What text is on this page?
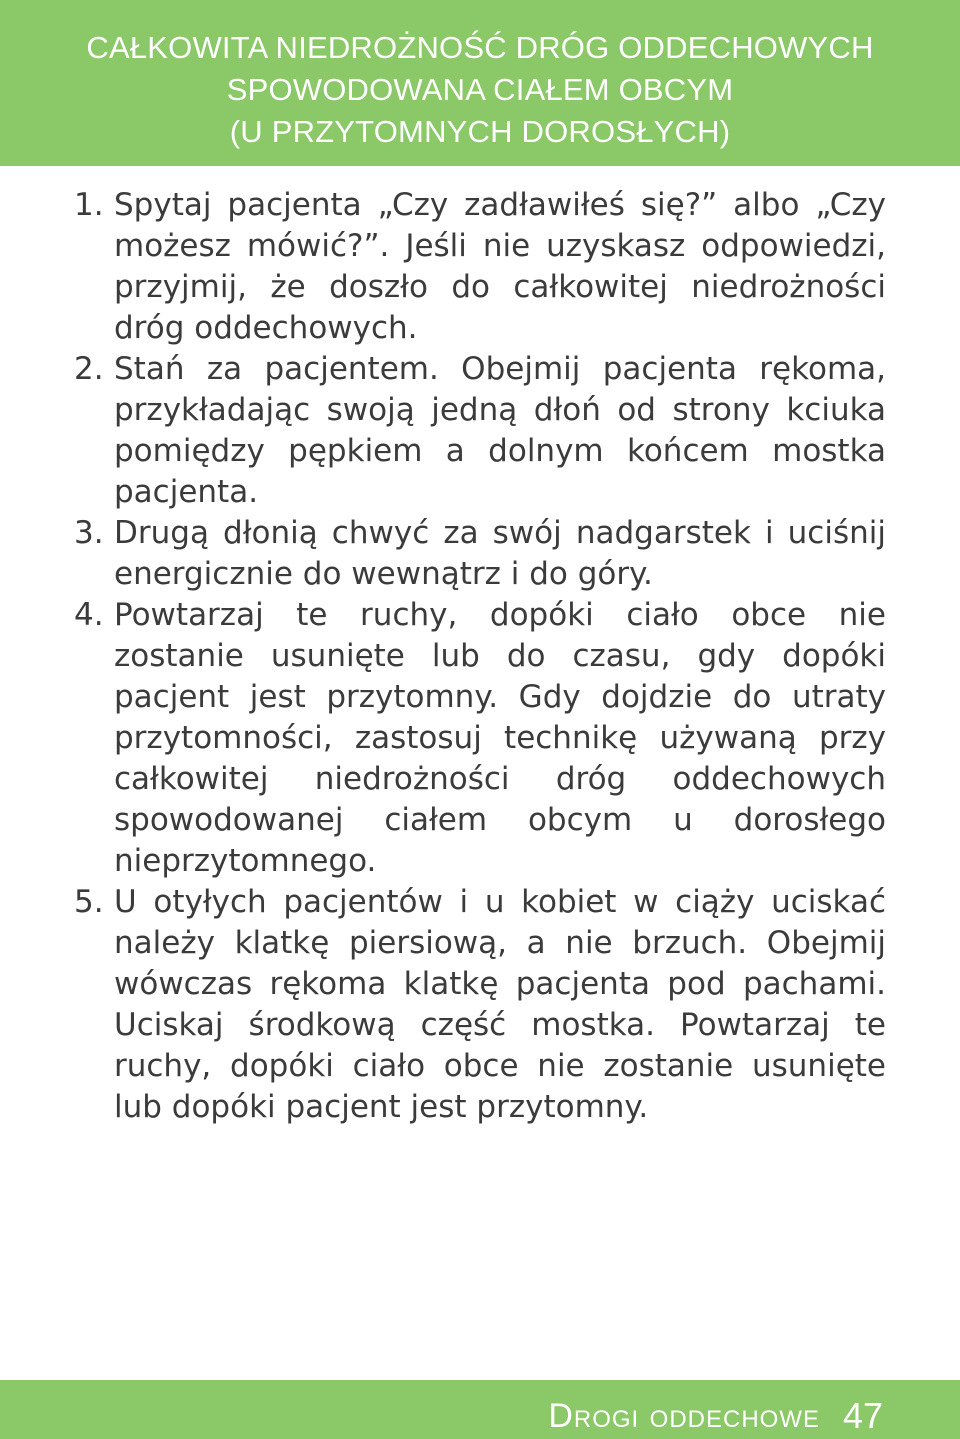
CAŁKOWITA NIEDROŻNOŚĆ DRÓG ODDECHOWYCH
SPOWODOWANA CIAŁEM OBCYM
(U PRZYTOMNYCH DOROSŁYCH)
1. Spytaj pacjenta „Czy zadławiłeś się?” albo „Czy możesz mówić?”. Jeśli nie uzyskasz odpowiedzi, przyjmij, że doszło do całkowitej niedrożności dróg oddechowych.
2. Stań za pacjentem. Obejmij pacjenta rękoma, przykładając swoją jedną dłoń od strony kciuka pomiędzy pępkiem a dolnym końcem mostka pacjenta.
3. Drugą dłonią chwyć za swój nadgarstek i uciśnij energicznie do wewnątrz i do góry.
4. Powtarzaj te ruchy, dopóki ciało obce nie zostanie usunięte lub do czasu, gdy dopóki pacjent jest przytomny. Gdy dojdzie do utraty przytomności, zastosuj technikę używaną przy całkowitej niedrożności dróg oddechowych spowodowanej ciałem obcym u dorosłego nieprzytomnego.
5. U otyłych pacjentów i u kobiet w ciąży uciskać należy klatkę piersiową, a nie brzuch. Obejmij wówczas rękoma klatkę pacjenta pod pachami. Uciskaj środkową część mostka. Powtarzaj te ruchy, dopóki ciało obce nie zostanie usunięte lub dopóki pacjent jest przytomny.
Drogi oddechowe 47
